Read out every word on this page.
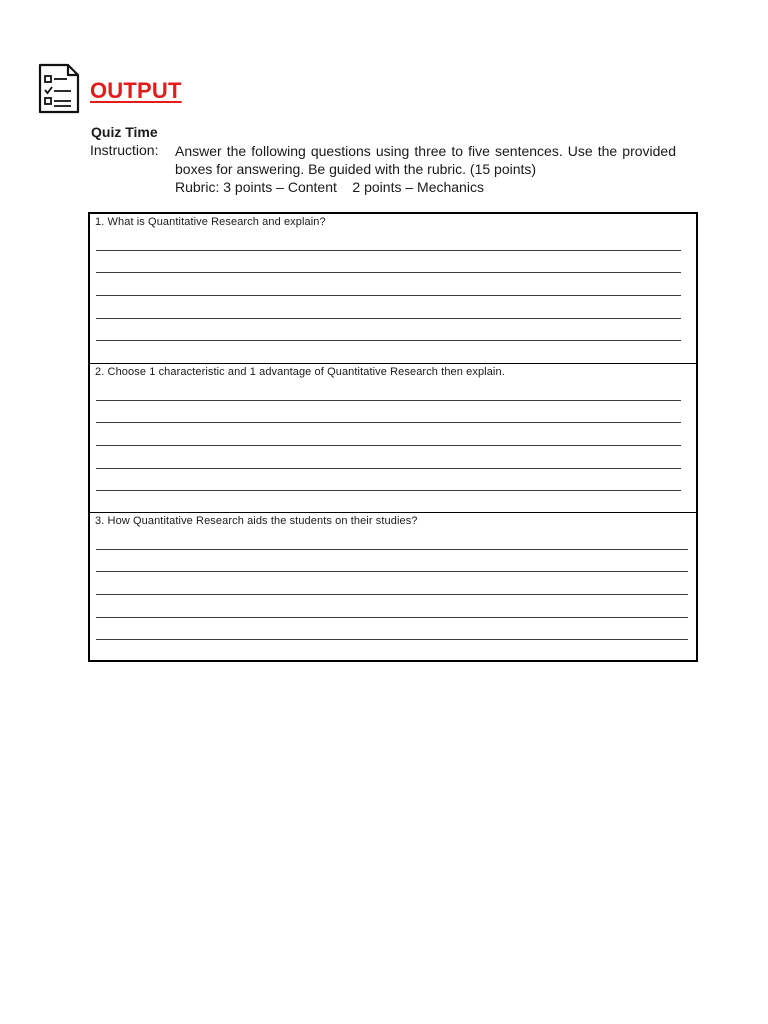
OUTPUT
Quiz Time
Instruction: Answer the following questions using three to five sentences. Use the provided boxes for answering. Be guided with the rubric. (15 points)
Rubric: 3 points – Content    2 points – Mechanics
1. What is Quantitative Research and explain?
2. Choose 1 characteristic and 1 advantage of Quantitative Research then explain.
3. How Quantitative Research aids the students on their studies?
